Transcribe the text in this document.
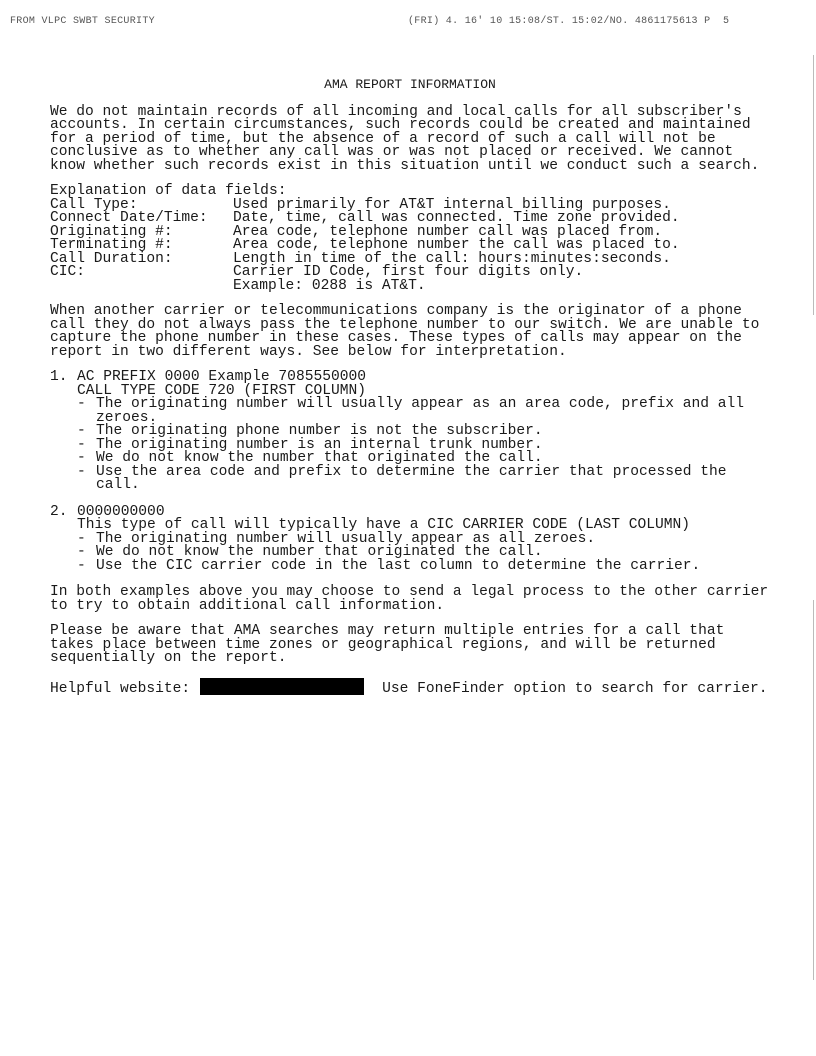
FROM VLPC SWBT SECURITY	(FRI) 4. 16' 10 15:08/ST. 15:02/NO. 4861175613 P  5
AMA REPORT INFORMATION

We do not maintain records of all incoming and local calls for all subscriber's accounts. In certain circumstances, such records could be created and maintained for a period of time, but the absence of a record of such a call will not be conclusive as to whether any call was or was not placed or received. We cannot know whether such records exist in this situation until we conduct such a search.

Explanation of data fields:
Call Type:	Used primarily for AT&T internal billing purposes.
Connect Date/Time:	Date, time, call was connected. Time zone provided.
Originating #:	Area code, telephone number call was placed from.
Terminating #:	Area code, telephone number the call was placed to.
Call Duration:	Length in time of the call: hours:minutes:seconds.
CIC:	Carrier ID Code, first four digits only.
Example: 0288 is AT&T.

When another carrier or telecommunications company is the originator of a phone call they do not always pass the telephone number to our switch. We are unable to capture the phone number in these cases. These types of calls may appear on the report in two different ways. See below for interpretation.

1. AC PREFIX 0000 Example 7085550000
CALL TYPE CODE 720 (FIRST COLUMN)
- The originating number will usually appear as an area code, prefix and all zeroes.
- The originating phone number is not the subscriber.
- The originating number is an internal trunk number.
- We do not know the number that originated the call.
- Use the area code and prefix to determine the carrier that processed the call.
2. 0000000000
This type of call will typically have a CIC CARRIER CODE (LAST COLUMN)
- The originating number will usually appear as all zeroes.
- We do not know the number that originated the call.
- Use the CIC carrier code in the last column to determine the carrier.

In both examples above you may choose to send a legal process to the other carrier to try to obtain additional call information.

Please be aware that AMA searches may return multiple entries for a call that takes place between time zones or geographical regions, and will be returned sequentially on the report.

Helpful website:	Use FoneFinder option to search for carrier.
